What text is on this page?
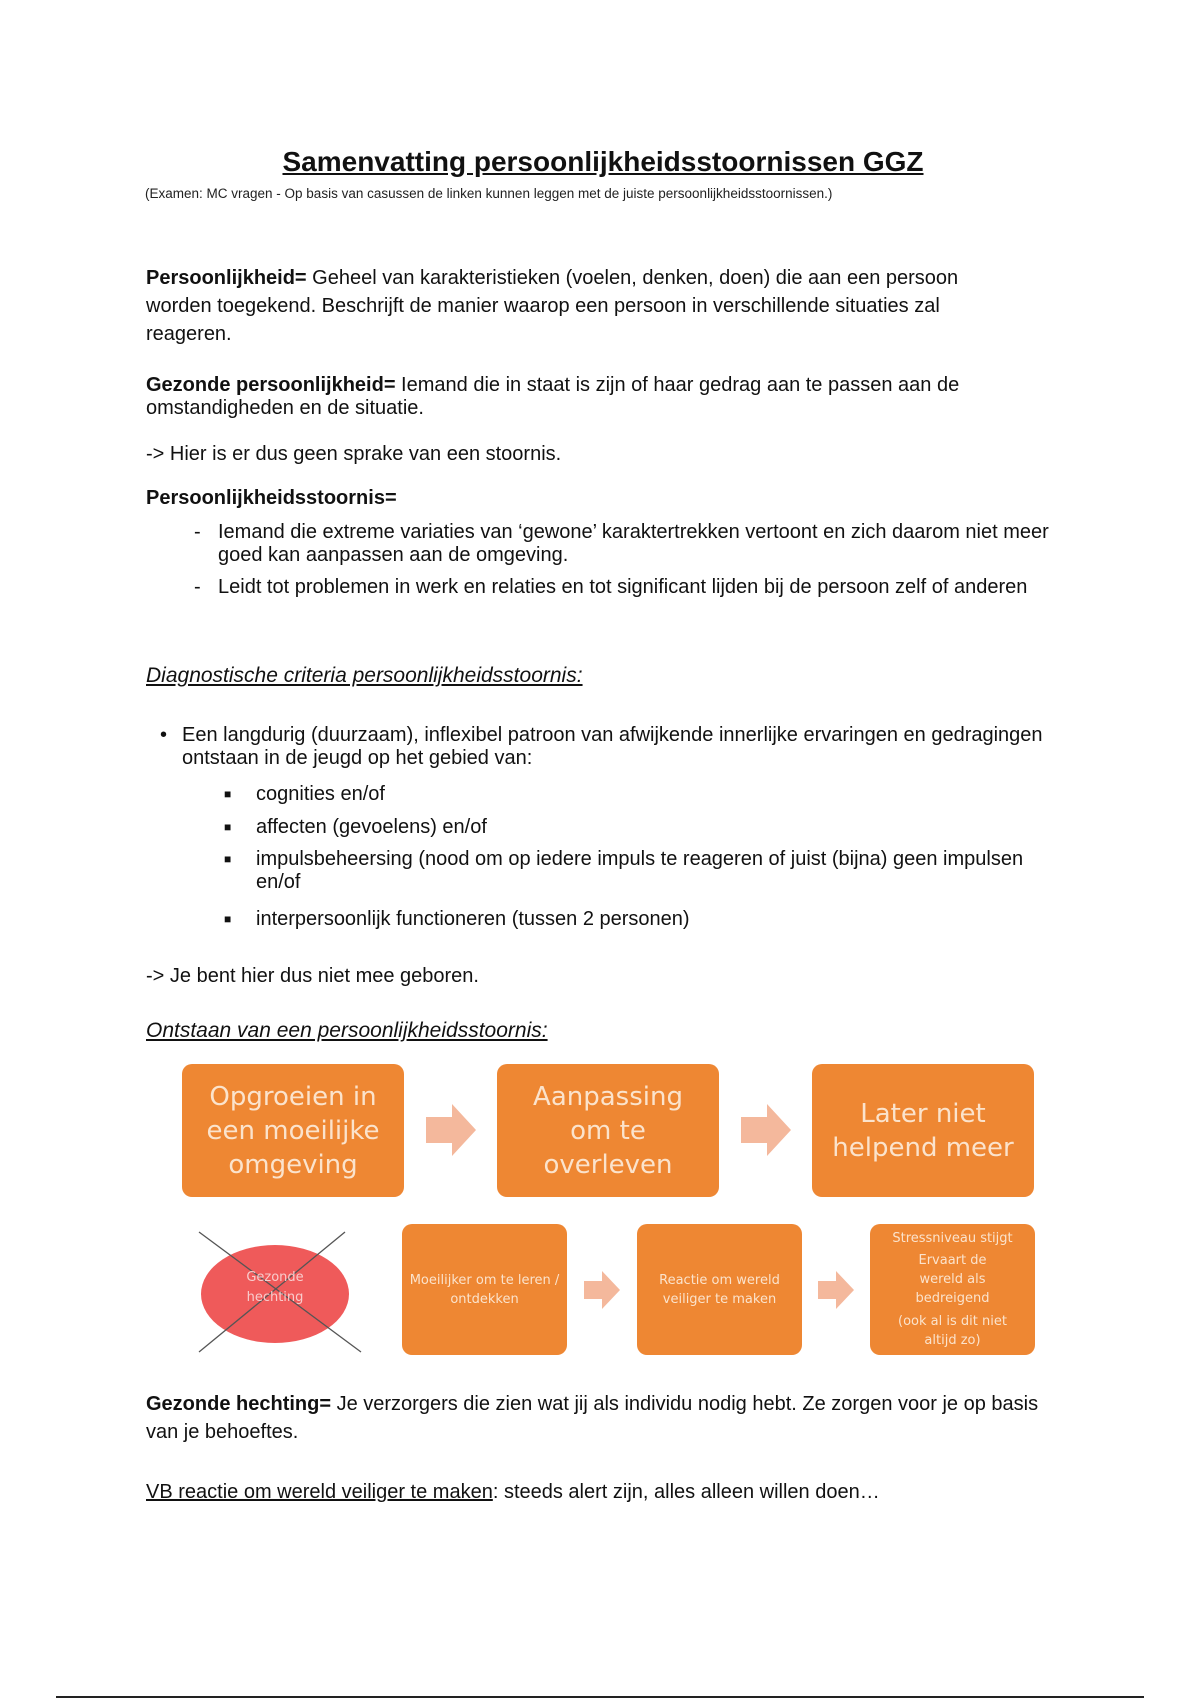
Samenvatting persoonlijkheidsstoornissen GGZ
(Examen: MC vragen - Op basis van casussen de linken kunnen leggen met de juiste persoonlijkheidsstoornissen.)
Persoonlijkheid= Geheel van karakteristieken (voelen, denken, doen) die aan een persoon worden toegekend. Beschrijft de manier waarop een persoon in verschillende situaties zal reageren.
Gezonde persoonlijkheid= Iemand die in staat is zijn of haar gedrag aan te passen aan de omstandigheden en de situatie.
-> Hier is er dus geen sprake van een stoornis.
Persoonlijkheidsstoornis=
- Iemand die extreme variaties van ‘gewone’ karaktertrekken vertoont en zich daarom niet meer goed kan aanpassen aan de omgeving.
- Leidt tot problemen in werk en relaties en tot significant lijden bij de persoon zelf of anderen
Diagnostische criteria persoonlijkheidsstoornis:
• Een langdurig (duurzaam), inflexibel patroon van afwijkende innerlijke ervaringen en gedragingen ontstaan in de jeugd op het gebied van:
■ cognities en/of
■ affecten (gevoelens) en/of
■ impulsbeheersing (nood om op iedere impuls te reageren of juist (bijna) geen impulsen en/of
■ interpersoonlijk functioneren (tussen 2 personen)
-> Je bent hier dus niet mee geboren.
Ontstaan van een persoonlijkheidsstoornis:
Opgroeien in een moeilijke omgeving
Aanpassing om te overleven
Later niet helpend meer
Gezonde hechting
Moeilijker om te leren / ontdekken
Reactie om wereld veiliger te maken
Stressniveau stijgt
Ervaart de wereld als bedreigend
(ook al is dit niet altijd zo)
Gezonde hechting= Je verzorgers die zien wat jij als individu nodig hebt. Ze zorgen voor je op basis van je behoeftes.
VB reactie om wereld veiliger te maken: steeds alert zijn, alles alleen willen doen…
